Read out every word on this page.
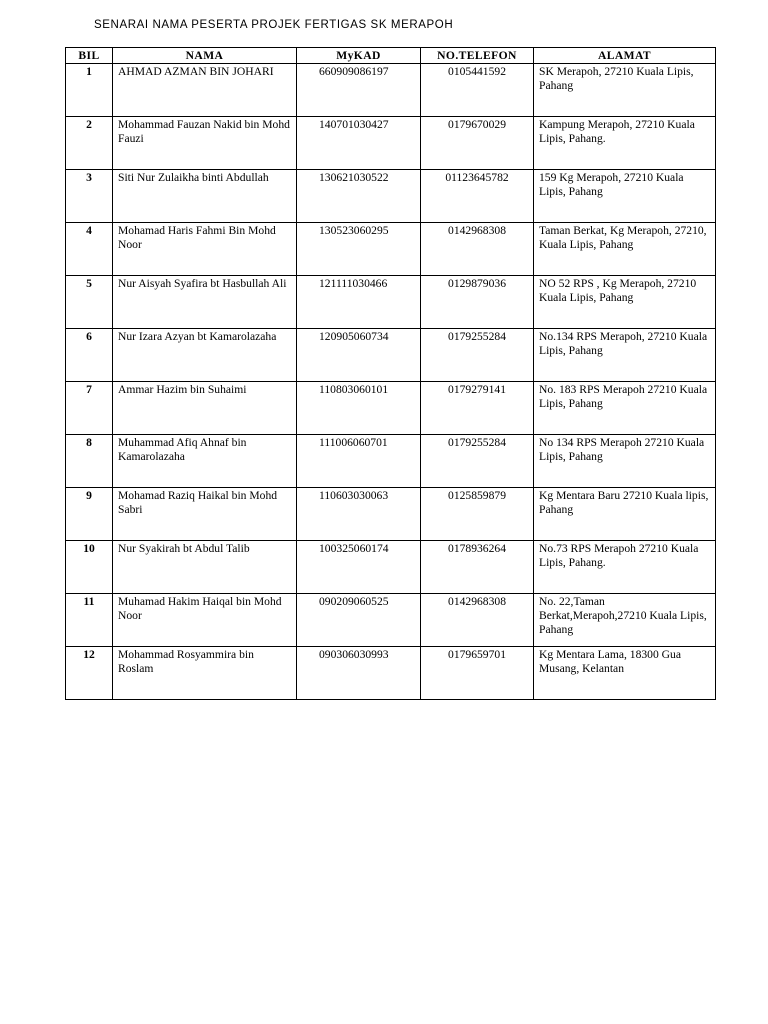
SENARAI NAMA PESERTA PROJEK FERTIGAS SK MERAPOH
BIL	NAMA	MyKAD	NO.TELEFON	ALAMAT
1	AHMAD AZMAN BIN JOHARI	660909086197	0105441592	SK Merapoh, 27210 Kuala Lipis, Pahang
2	Mohammad Fauzan Nakid bin Mohd Fauzi	140701030427	0179670029	Kampung Merapoh, 27210 Kuala Lipis, Pahang.
3	Siti Nur Zulaikha binti Abdullah	130621030522	01123645782	159 Kg Merapoh, 27210 Kuala Lipis, Pahang
4	Mohamad Haris Fahmi Bin Mohd Noor	130523060295	0142968308	Taman Berkat, Kg Merapoh, 27210, Kuala Lipis, Pahang
5	Nur Aisyah Syafira bt Hasbullah Ali	121111030466	0129879036	NO 52 RPS , Kg Merapoh, 27210 Kuala Lipis, Pahang
6	Nur Izara Azyan bt Kamarolazaha	120905060734	0179255284	No.134 RPS Merapoh, 27210 Kuala Lipis, Pahang
7	Ammar Hazim bin Suhaimi	110803060101	0179279141	No. 183 RPS Merapoh 27210 Kuala Lipis, Pahang
8	Muhammad Afiq Ahnaf bin Kamarolazaha	111006060701	0179255284	No 134 RPS Merapoh 27210 Kuala Lipis, Pahang
9	Mohamad Raziq Haikal bin Mohd Sabri	110603030063	0125859879	Kg Mentara Baru 27210 Kuala lipis, Pahang
10	Nur Syakirah bt Abdul Talib	100325060174	0178936264	No.73 RPS Merapoh 27210 Kuala Lipis, Pahang.
11	Muhamad Hakim Haiqal bin Mohd Noor	090209060525	0142968308	No. 22,Taman Berkat,Merapoh,27210 Kuala Lipis, Pahang
12	Mohammad Rosyammira bin Roslam	090306030993	0179659701	Kg Mentara Lama, 18300 Gua Musang, Kelantan
